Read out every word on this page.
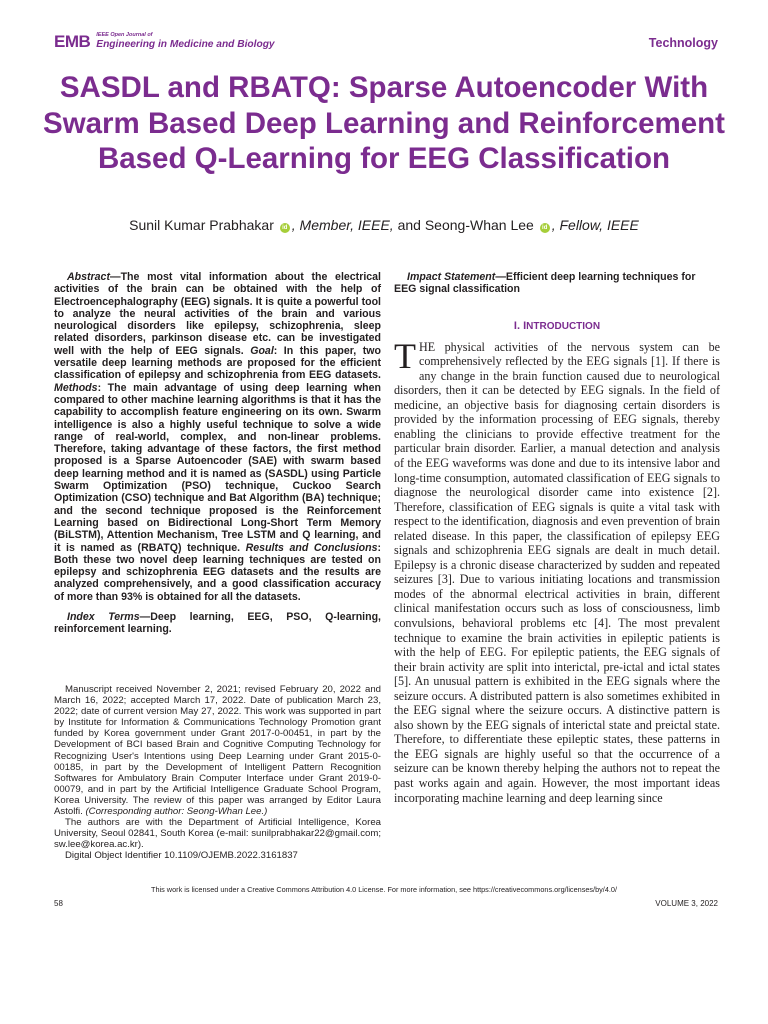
EMB IEEE Open Journal of
Engineering in Medicine and Biology	Technology
SASDL and RBATQ: Sparse Autoencoder With Swarm Based Deep Learning and Reinforcement Based Q-Learning for EEG Classification
Sunil Kumar Prabhakar id , Member, IEEE, and Seong-Whan Lee id , Fellow, IEEE

Abstract—The most vital information about the electrical activities of the brain can be obtained with the help of Electroencephalography (EEG) signals. It is quite a powerful tool to analyze the neural activities of the brain and various neurological disorders like epilepsy, schizophrenia, sleep related disorders, parkinson disease etc. can be investigated well with the help of EEG signals. Goal: In this paper, two versatile deep learning methods are proposed for the efficient classification of epilepsy and schizophrenia from EEG datasets. Methods: The main advantage of using deep learning when compared to other machine learning algorithms is that it has the capability to accomplish feature engineering on its own. Swarm intelligence is also a highly useful technique to solve a wide range of real-world, complex, and non-linear problems. Therefore, taking advantage of these factors, the first method proposed is a Sparse Autoencoder (SAE) with swarm based deep learning method and it is named as (SASDL) using Particle Swarm Optimization (PSO) technique, Cuckoo Search Optimization (CSO) technique and Bat Algorithm (BA) technique; and the second technique proposed is the Reinforcement Learning based on Bidirectional Long-Short Term Memory (BiLSTM), Attention Mechanism, Tree LSTM and Q learning, and it is named as (RBATQ) technique. Results and Conclusions: Both these two novel deep learning techniques are tested on epilepsy and schizophrenia EEG datasets and the results are analyzed comprehensively, and a good classification accuracy of more than 93% is obtained for all the datasets.

Index Terms—Deep learning, EEG, PSO, Q-learning, reinforcement learning.

Manuscript received November 2, 2021; revised February 20, 2022 and March 16, 2022; accepted March 17, 2022. Date of publication March 23, 2022; date of current version May 27, 2022. This work was supported in part by Institute for Information & Communications Technology Promotion grant funded by Korea government under Grant 2017-0-00451, in part by the Development of BCI based Brain and Cognitive Computing Technology for Recognizing User's Intentions using Deep Learning under Grant 2015-0-00185, in part by the Development of Intelligent Pattern Recognition Softwares for Ambulatory Brain Computer Interface under Grant 2019-0-00079, and in part by the Artificial Intelligence Graduate School Program, Korea University. The review of this paper was arranged by Editor Laura Astolfi. (Corresponding author: Seong-Whan Lee.)

The authors are with the Department of Artificial Intelligence, Korea University, Seoul 02841, South Korea (e-mail: sunilprabhakar22@gmail.com; sw.lee@korea.ac.kr).

Digital Object Identifier 10.1109/OJEMB.2022.3161837

Impact Statement—Efficient deep learning techniques for EEG signal classification

I. INTRODUCTION

THE physical activities of the nervous system can be comprehensively reflected by the EEG signals [1]. If there is any change in the brain function caused due to neurological disorders, then it can be detected by EEG signals. In the field of medicine, an objective basis for diagnosing certain disorders is provided by the information processing of EEG signals, thereby enabling the clinicians to provide effective treatment for the particular brain disorder. Earlier, a manual detection and analysis of the EEG waveforms was done and due to its intensive labor and long-time consumption, automated classification of EEG signals to diagnose the neurological disorder came into existence [2]. Therefore, classification of EEG signals is quite a vital task with respect to the identification, diagnosis and even prevention of brain related disease. In this paper, the classification of epilepsy EEG signals and schizophrenia EEG signals are dealt in much detail. Epilepsy is a chronic disease characterized by sudden and repeated seizures [3]. Due to various initiating locations and transmission modes of the abnormal electrical activities in brain, different clinical manifestation occurs such as loss of consciousness, limb convulsions, behavioral problems etc [4]. The most prevalent technique to examine the brain activities in epileptic patients is with the help of EEG. For epileptic patients, the EEG signals of their brain activity are split into interictal, pre-ictal and ictal states [5]. An unusual pattern is exhibited in the EEG signals where the seizure occurs. A distributed pattern is also sometimes exhibited in the EEG signal where the seizure occurs. A distinctive pattern is also shown by the EEG signals of interictal state and preictal state. Therefore, to differentiate these epileptic states, these patterns in the EEG signals are highly useful so that the occurrence of a seizure can be known thereby helping the authors not to repeat the past works again and again. However, the most important ideas incorporating machine learning and deep learning since

This work is licensed under a Creative Commons Attribution 4.0 License. For more information, see https://creativecommons.org/licenses/by/4.0/
58	VOLUME 3, 2022
